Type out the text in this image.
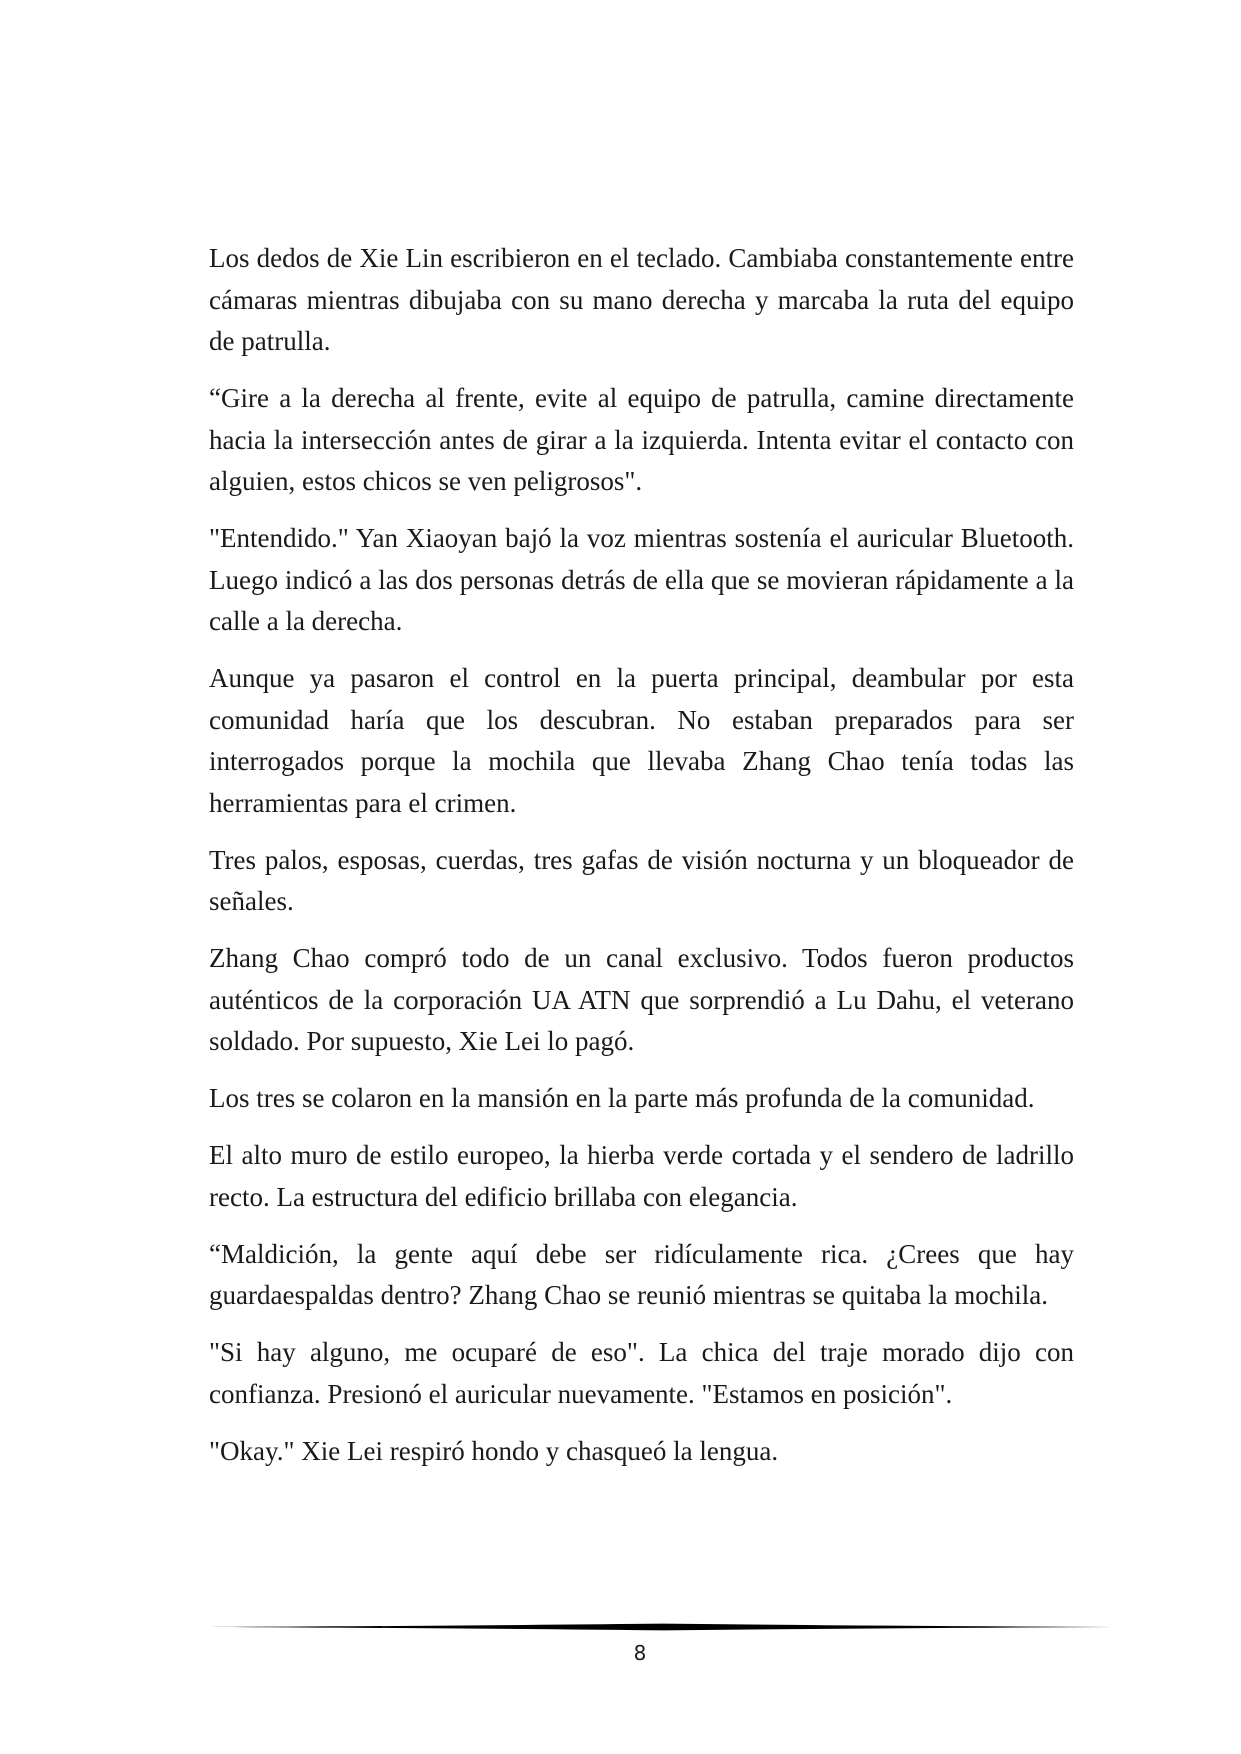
Los dedos de Xie Lin escribieron en el teclado. Cambiaba constantemente entre cámaras mientras dibujaba con su mano derecha y marcaba la ruta del equipo de patrulla.

“Gire a la derecha al frente, evite al equipo de patrulla, camine directamente hacia la intersección antes de girar a la izquierda. Intenta evitar el contacto con alguien, estos chicos se ven peligrosos".

"Entendido." Yan Xiaoyan bajó la voz mientras sostenía el auricular Bluetooth. Luego indicó a las dos personas detrás de ella que se movieran rápidamente a la calle a la derecha.

Aunque ya pasaron el control en la puerta principal, deambular por esta comunidad haría que los descubran. No estaban preparados para ser interrogados porque la mochila que llevaba Zhang Chao tenía todas las herramientas para el crimen.

Tres palos, esposas, cuerdas, tres gafas de visión nocturna y un bloqueador de señales.

Zhang Chao compró todo de un canal exclusivo. Todos fueron productos auténticos de la corporación UA ATN que sorprendió a Lu Dahu, el veterano soldado. Por supuesto, Xie Lei lo pagó.

Los tres se colaron en la mansión en la parte más profunda de la comunidad.

El alto muro de estilo europeo, la hierba verde cortada y el sendero de ladrillo recto. La estructura del edificio brillaba con elegancia.

“Maldición, la gente aquí debe ser ridículamente rica. ¿Crees que hay guardaespaldas dentro? Zhang Chao se reunió mientras se quitaba la mochila.

"Si hay alguno, me ocuparé de eso". La chica del traje morado dijo con confianza. Presionó el auricular nuevamente. "Estamos en posición".

"Okay." Xie Lei respiró hondo y chasqueó la lengua.

8
